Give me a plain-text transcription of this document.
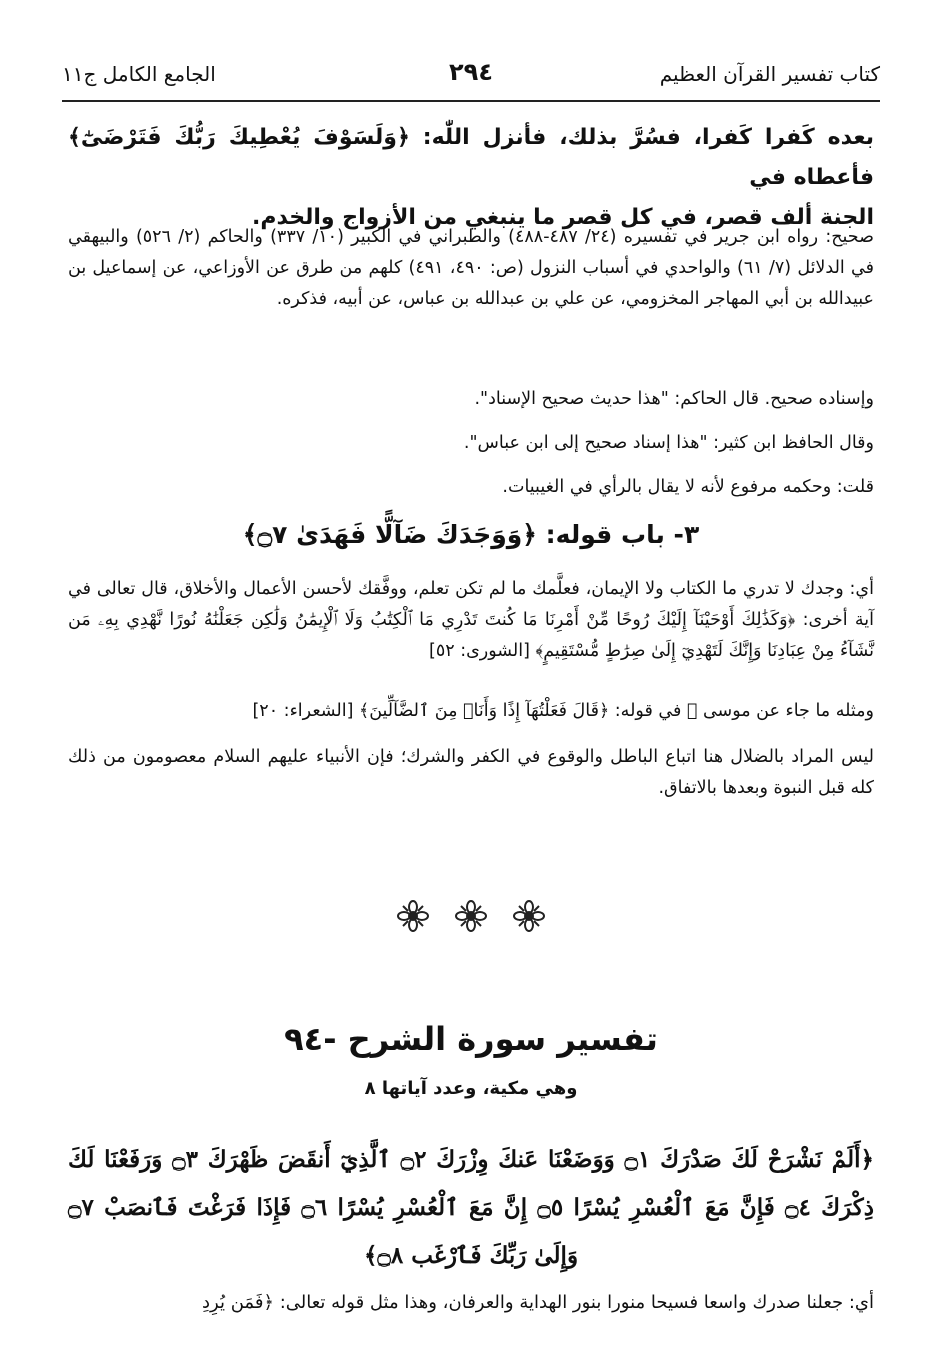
كتاب تفسير القرآن العظيم
٢٩٤
الجامع الكامل ج١١
بعده كَفرا كَفرا، فسُرَّ بذلك، فأنزل اللّٰه: ﴿وَلَسَوْفَ يُعْطِيكَ رَبُّكَ فَتَرْضَىٰٓ﴾ فأعطاه في
الجنة ألف قصر، في كل قصر ما ينبغي من الأزواج والخدم.
صحيح: رواه ابن جرير في تفسيره (٢٤/ ٤٨٧-٤٨٨) والطبراني في الكبير (١٠/ ٣٣٧) والحاكم (٢/ ٥٢٦) والبيهقي في الدلائل (٧/ ٦١) والواحدي في أسباب النزول (ص: ٤٩٠، ٤٩١) كلهم من طرق عن الأوزاعي، عن إسماعيل بن عبيدالله بن أبي المهاجر المخزومي، عن علي بن عبدالله بن عباس، عن أبيه، فذكره.
وإسناده صحيح. قال الحاكم: "هذا حديث صحيح الإسناد".
وقال الحافظ ابن كثير: "هذا إسناد صحيح إلى ابن عباس".
قلت: وحكمه مرفوع لأنه لا يقال بالرأي في الغيبيات.
٣- باب قوله: ﴿وَوَجَدَكَ ضَآلًّا فَهَدَىٰ ۝٧﴾
أي: وجدك لا تدري ما الكتاب ولا الإيمان، فعلَّمك ما لم تكن تعلم، ووفَّقك لأحسن الأعمال والأخلاق، قال تعالى في آية أخرى: ﴿وَكَذَٰلِكَ أَوْحَيْنَآ إِلَيْكَ رُوحًا مِّنْ أَمْرِنَا مَا كُنتَ تَدْرِي مَا ٱلْكِتَٰبُ وَلَا ٱلْإِيمَٰنُ وَلَٰكِن جَعَلْنَٰهُ نُورًا نَّهْدِي بِهِۦ مَن نَّشَآءُ مِنْ عِبَادِنَا وَإِنَّكَ لَتَهْدِيٓ إِلَىٰ صِرَٰطٍ مُّسْتَقِيمٍ﴾ [الشورى: ٥٢]
ومثله ما جاء عن موسى ﷺ في قوله: ﴿قَالَ فَعَلْتُهَآ إِذًا وَأَنَا۠ مِنَ ٱلضَّآلِّينَ﴾ [الشعراء: ٢٠]
ليس المراد بالضلال هنا اتباع الباطل والوقوع في الكفر والشرك؛ فإن الأنبياء عليهم السلام معصومون من ذلك كله قبل النبوة وبعدها بالاتفاق.
تفسير سورة الشرح -٩٤
وهي مكية، وعدد آياتها ٨
﴿أَلَمْ نَشْرَحْ لَكَ صَدْرَكَ ۝١ وَوَضَعْنَا عَنكَ وِزْرَكَ ۝٢ ٱلَّذِيٓ أَنقَضَ ظَهْرَكَ ۝٣ وَرَفَعْنَا لَكَ ذِكْرَكَ ۝٤ فَإِنَّ مَعَ ٱلْعُسْرِ يُسْرًا ۝٥ إِنَّ مَعَ ٱلْعُسْرِ يُسْرًا ۝٦ فَإِذَا فَرَغْتَ فَٱنصَبْ ۝٧ وَإِلَىٰ رَبِّكَ فَٱرْغَب ۝٨﴾
أي: جعلنا صدرك واسعا فسيحا منورا بنور الهداية والعرفان، وهذا مثل قوله تعالى: ﴿فَمَن يُرِدِ
